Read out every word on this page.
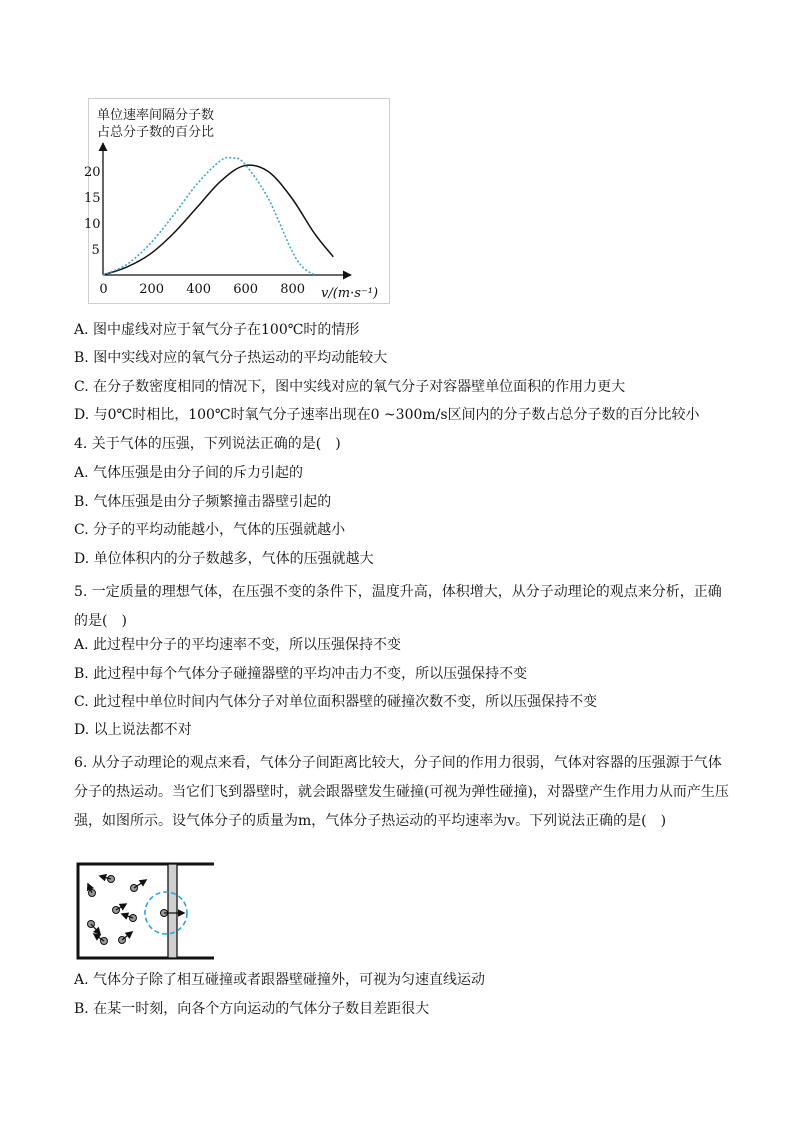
单位速率间隔分子数
占总分子数的百分比
0 200 400 600 800
5
10
15
20
v/(m·s⁻¹)
A. 图中虚线对应于氧气分子在100℃时的情形
B. 图中实线对应的氧气分子热运动的平均动能较大
C. 在分子数密度相同的情况下，图中实线对应的氧气分子对容器壁单位面积的作用力更大
D. 与0℃时相比，100℃时氧气分子速率出现在0 ~300m/s区间内的分子数占总分子数的百分比较小
4. 关于气体的压强，下列说法正确的是(　)
A. 气体压强是由分子间的斥力引起的
B. 气体压强是由分子频繁撞击器壁引起的
C. 分子的平均动能越小，气体的压强就越小
D. 单位体积内的分子数越多，气体的压强就越大
5. 一定质量的理想气体，在压强不变的条件下，温度升高，体积增大，从分子动理论的观点来分析，正确的是(　)
A. 此过程中分子的平均速率不变，所以压强保持不变
B. 此过程中每个气体分子碰撞器壁的平均冲击力不变，所以压强保持不变
C. 此过程中单位时间内气体分子对单位面积器壁的碰撞次数不变，所以压强保持不变
D. 以上说法都不对
6. 从分子动理论的观点来看，气体分子间距离比较大，分子间的作用力很弱，气体对容器的压强源于气体分子的热运动。当它们飞到器壁时，就会跟器壁发生碰撞(可视为弹性碰撞)，对器壁产生作用力从而产生压强，如图所示。设气体分子的质量为m，气体分子热运动的平均速率为v。下列说法正确的是(　)
A. 气体分子除了相互碰撞或者跟器壁碰撞外，可视为匀速直线运动
B. 在某一时刻，向各个方向运动的气体分子数目差距很大
